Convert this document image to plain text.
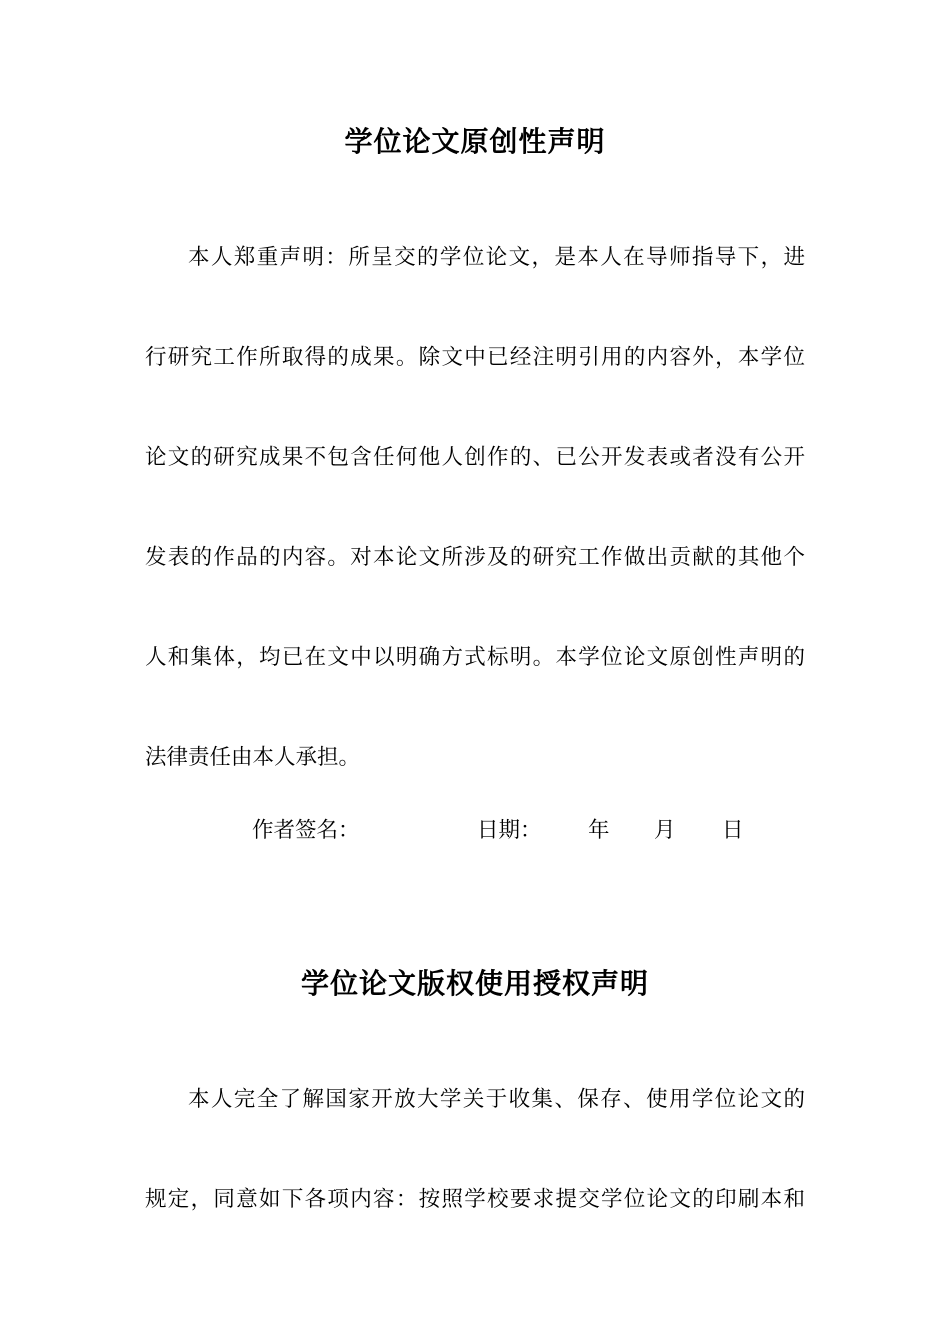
学位论文原创性声明
本人郑重声明：所呈交的学位论文，是本人在导师指导下，进
行研究工作所取得的成果。除文中已经注明引用的内容外，本学位
论文的研究成果不包含任何他人创作的、已公开发表或者没有公开
发表的作品的内容。对本论文所涉及的研究工作做出贡献的其他个
人和集体，均已在文中以明确方式标明。本学位论文原创性声明的
法律责任由本人承担。
作者签名：	日期： 年 月 日
学位论文版权使用授权声明
本人完全了解国家开放大学关于收集、保存、使用学位论文的
规定，同意如下各项内容：按照学校要求提交学位论文的印刷本和
